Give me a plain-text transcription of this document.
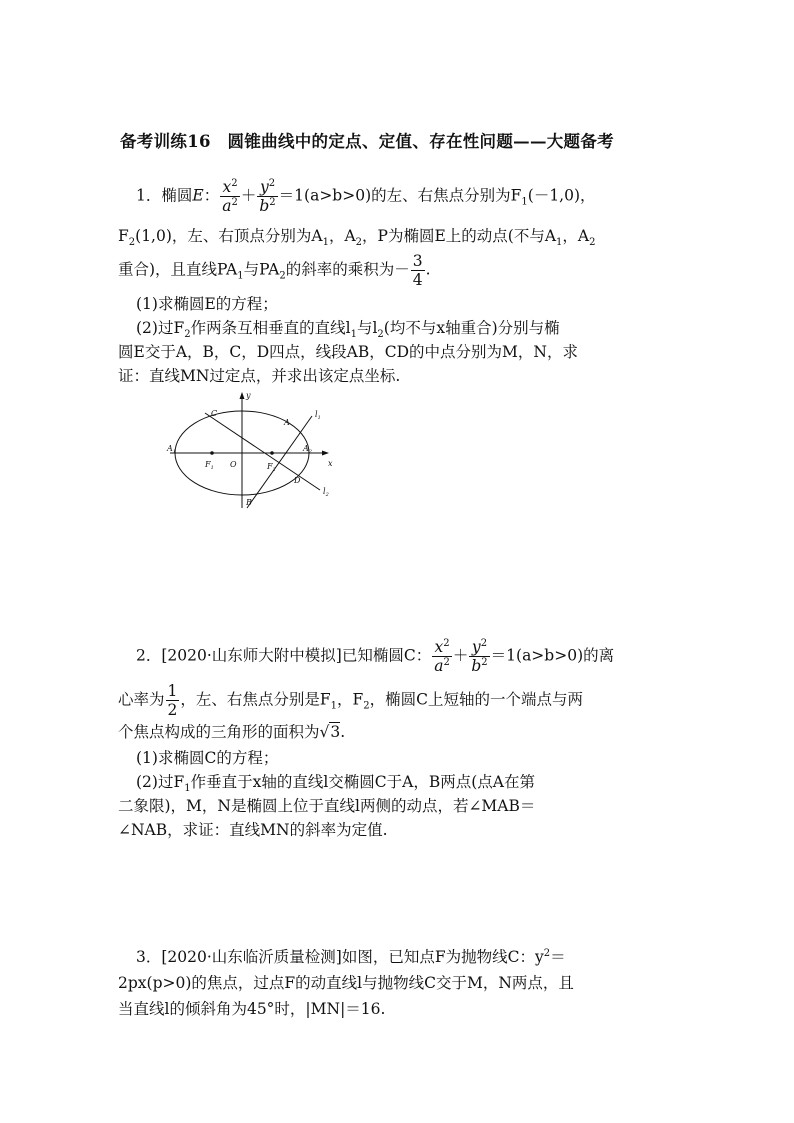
备考训练16　圆锥曲线中的定点、定值、存在性问题——大题备考
1．椭圆E： $\frac{x^2}{a^2} + \frac{y^2}{b^2} =1(a>b>0)$的左、右焦点分别为$F_1(-1,0)$，
$F_2(1,0)$，左、右顶点分别为$A_1$，$A_2$，P为椭圆E上的动点(不与$A_1$，$A_2$
重合)，且直线$PA_1$与$PA_2$的斜率的乘积为－ $\frac{3}{4}$ .
(1)求椭圆E的方程；
(2)过$F_2$作两条互相垂直的直线$l_1$与$l_2$(均不与x轴重合)分别与椭
圆E交于A，B，C，D四点，线段AB，CD的中点分别为M，N，求
证：直线MN过定点，并求出该定点坐标.
y
x
O
C
A
B
D
$A_1$	$A_2$
$F_1$	$F_2$
$l_1$
$l_2$
2．[2020·山东师大附中模拟]已知椭圆C： $\frac{x^2}{a^2} + \frac{y^2}{b^2} =1(a>b>0)$的离
心率为 $\frac{1}{2}$ ，左、右焦点分别是$F_1$，$F_2$，椭圆C上短轴的一个端点与两
个焦点构成的三角形的面积为√3.
(1)求椭圆C的方程；
(2)过$F_1$作垂直于x轴的直线l交椭圆C于A，B两点(点A在第
二象限)，M，N是椭圆上位于直线l两侧的动点，若∠MAB＝
∠NAB，求证：直线MN的斜率为定值.
3．[2020·山东临沂质量检测]如图，已知点F为抛物线C：$y^2=$
2px(p>0)的焦点，过点F的动直线l与抛物线C交于M，N两点，且
当直线l的倾斜角为45°时，|MN|＝16.
